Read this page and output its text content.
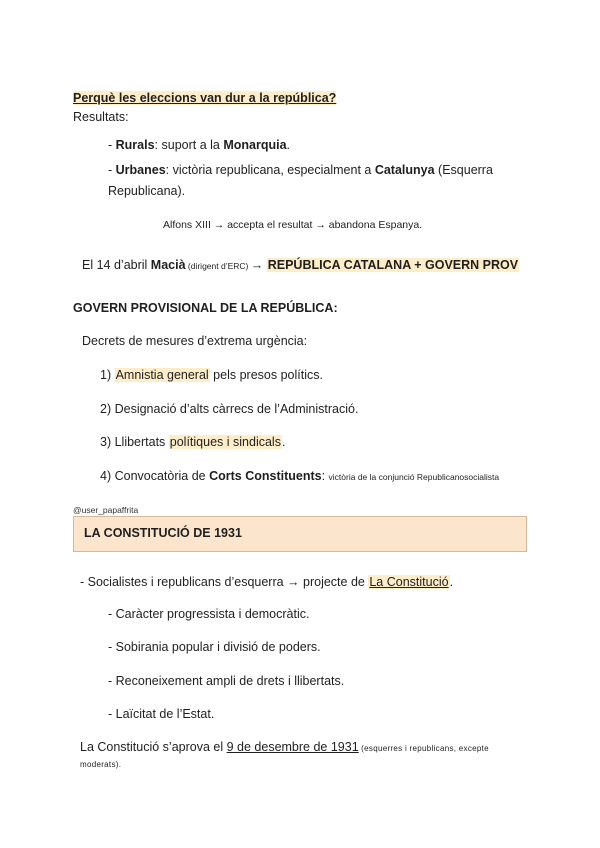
Perquè les eleccions van dur a la república?
Resultats:
- Rurals: suport a la Monarquia.
- Urbanes: victòria republicana, especialment a Catalunya (Esquerra
Republicana).
Alfons XIII → accepta el resultat → abandona Espanya.
El 14 d’abril Macià (dirigent d’ERC) → REPÚBLICA CATALANA + GOVERN PROV
GOVERN PROVISIONAL DE LA REPÚBLICA:
Decrets de mesures d’extrema urgència:
1) Amnistia general pels presos polítics.
2) Designació d’alts càrrecs de l’Administració.
3) Llibertats polítiques i sindicals.
4) Convocatòria de Corts Constituents: victòria de la conjunció Republicanosocialista
@user_papaffrita
LA CONSTITUCIÓ DE 1931
- Socialistes i republicans d’esquerra → projecte de La Constitució.
- Caràcter progressista i democràtic.
- Sobirania popular i divisió de poders.
- Reconeixement ampli de drets i llibertats.
- Laïcitat de l’Estat.
La Constitució s’aprova el 9 de desembre de 1931 (esquerres i republicans, excepte
moderats).
